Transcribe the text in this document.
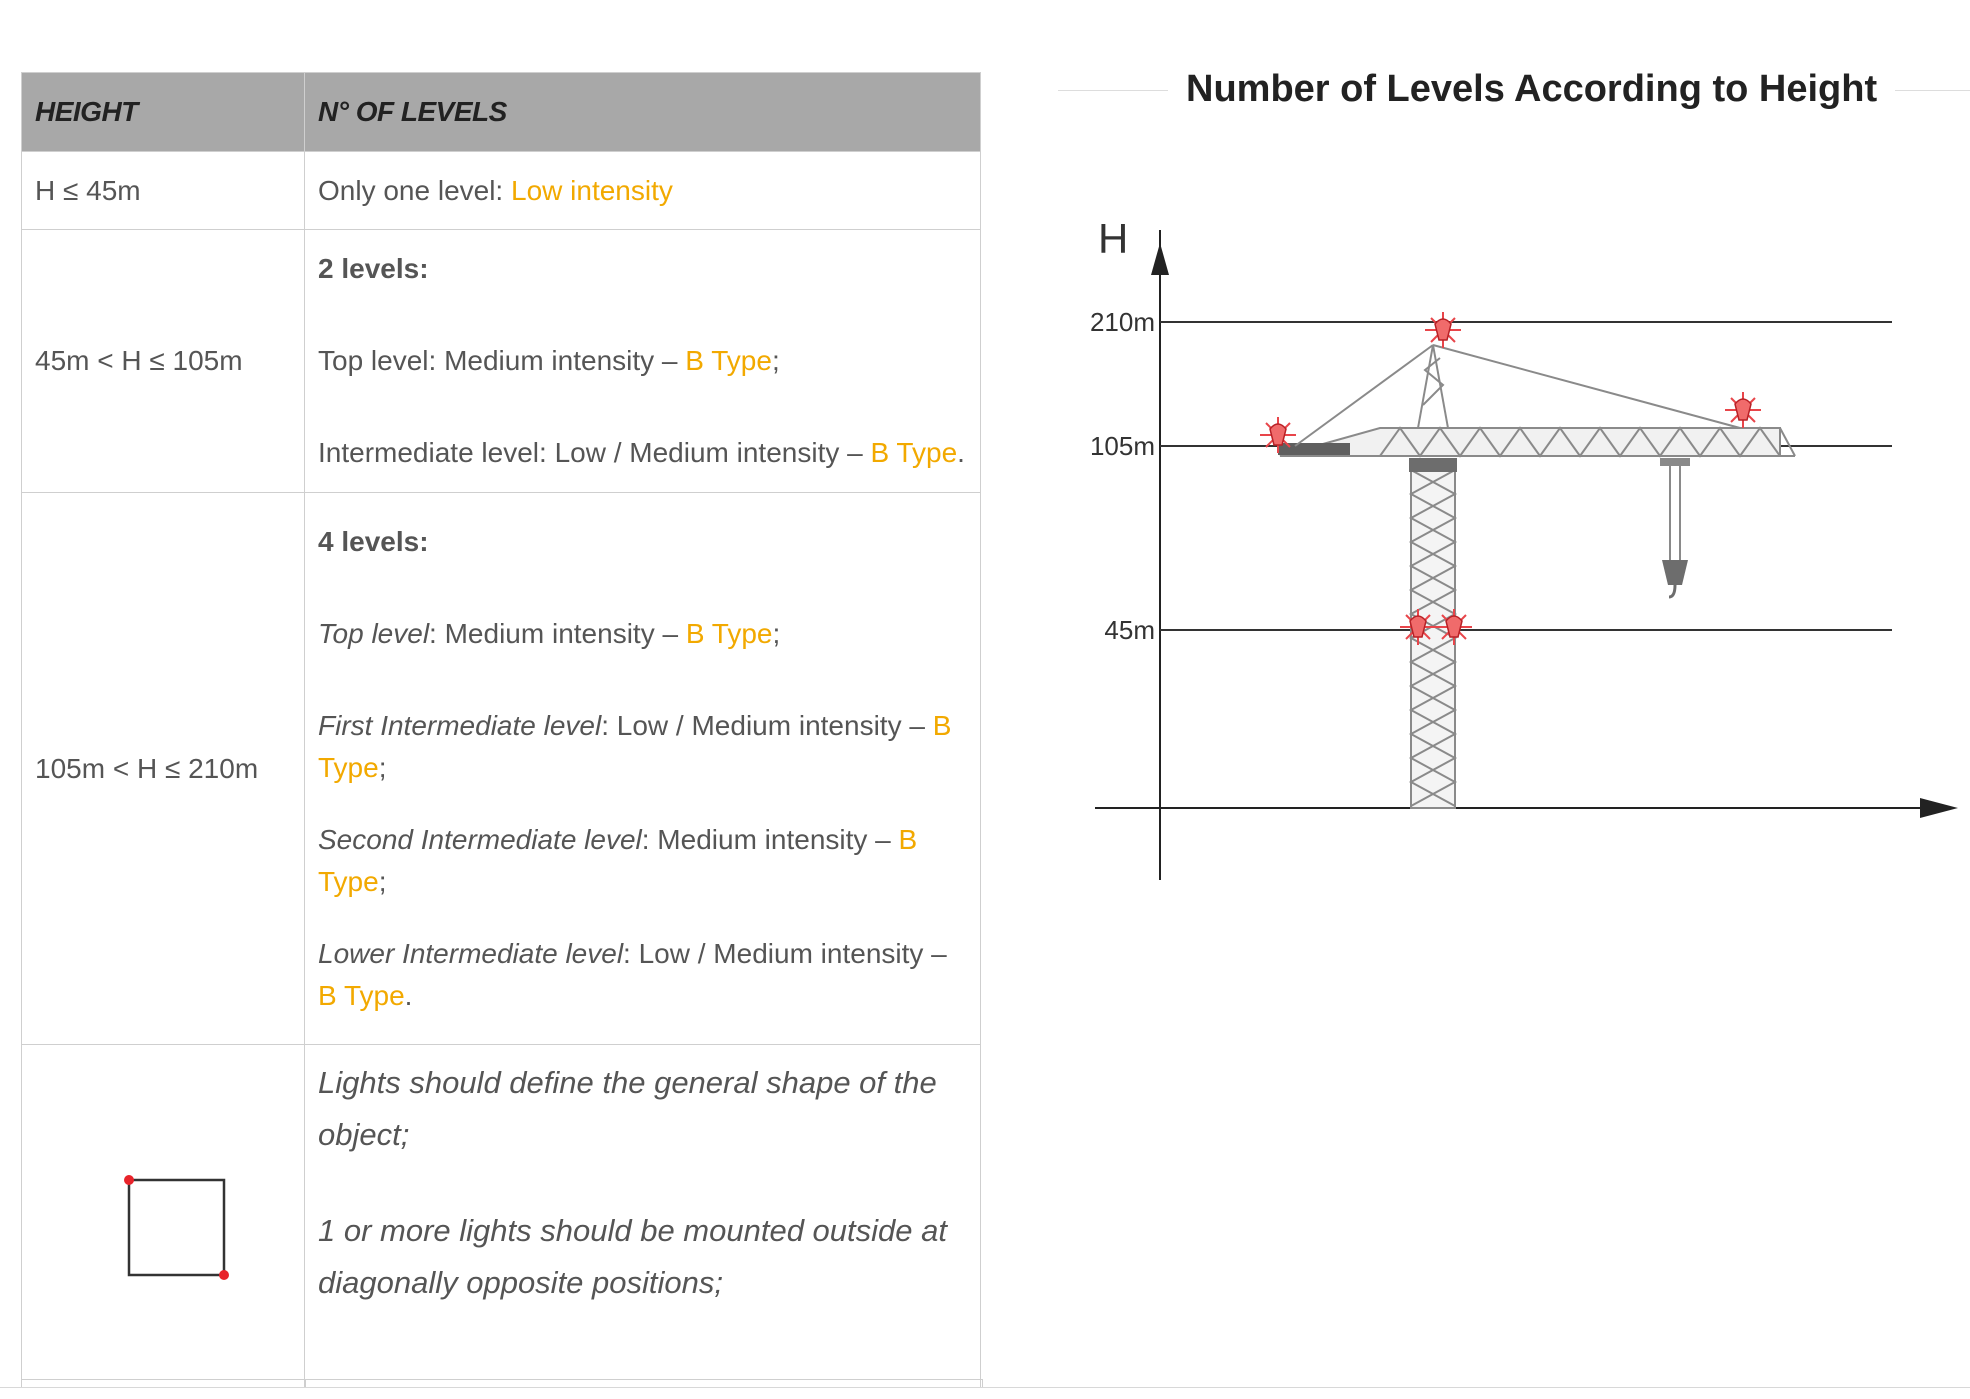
HEIGHT	N° OF LEVELS
H ≤ 45m	Only one level: Low intensity
45m < H ≤ 105m	2 levels:

Top level: Medium intensity – B Type;

Intermediate level: Low / Medium intensity – B Type.

105m < H ≤ 210m	4 levels:

Top level: Medium intensity – B Type;

First Intermediate level: Low / Medium intensity – B Type;

Second Intermediate level: Medium intensity – B Type;

Lower Intermediate level: Low / Medium intensity – B Type.

Lights should define the general shape of the object;

1 or more lights should be mounted outside at diagonally opposite positions;

Number of Levels According to Height
H
210m
105m
45m
